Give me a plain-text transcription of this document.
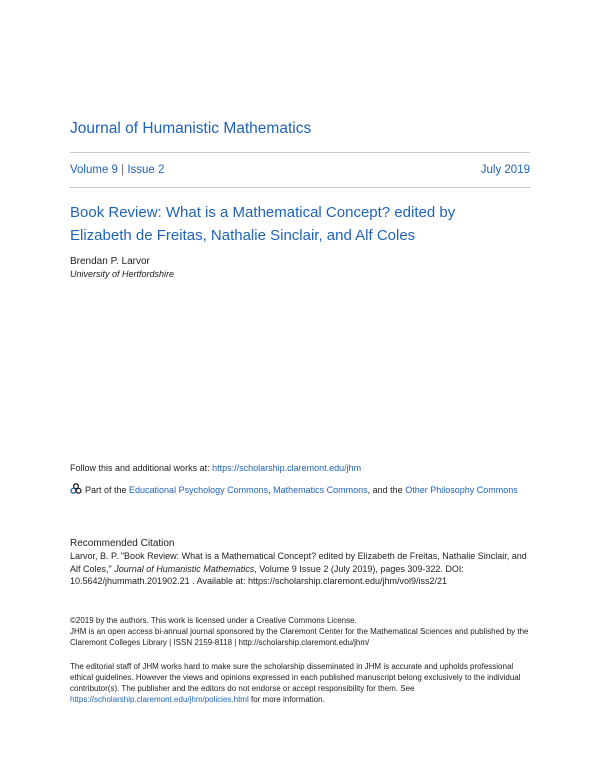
Journal of Humanistic Mathematics
Volume 9 | Issue 2	July 2019
Book Review: What is a Mathematical Concept? edited by Elizabeth de Freitas, Nathalie Sinclair, and Alf Coles
Brendan P. Larvor
University of Hertfordshire
Follow this and additional works at: https://scholarship.claremont.edu/jhm
Part of the Educational Psychology Commons, Mathematics Commons, and the Other Philosophy Commons
Recommended Citation
Larvor, B. P. "Book Review: What is a Mathematical Concept? edited by Elizabeth de Freitas, Nathalie Sinclair, and Alf Coles," Journal of Humanistic Mathematics, Volume 9 Issue 2 (July 2019), pages 309-322. DOI: 10.5642/jhummath.201902.21 . Available at: https://scholarship.claremont.edu/jhm/vol9/iss2/21
©2019 by the authors. This work is licensed under a Creative Commons License.
JHM is an open access bi-annual journal sponsored by the Claremont Center for the Mathematical Sciences and published by the Claremont Colleges Library | ISSN 2159-8118 | http://scholarship.claremont.edu/jhm/
The editorial staff of JHM works hard to make sure the scholarship disseminated in JHM is accurate and upholds professional ethical guidelines. However the views and opinions expressed in each published manuscript belong exclusively to the individual contributor(s). The publisher and the editors do not endorse or accept responsibility for them. See https://scholarship.claremont.edu/jhm/policies.html for more information.
